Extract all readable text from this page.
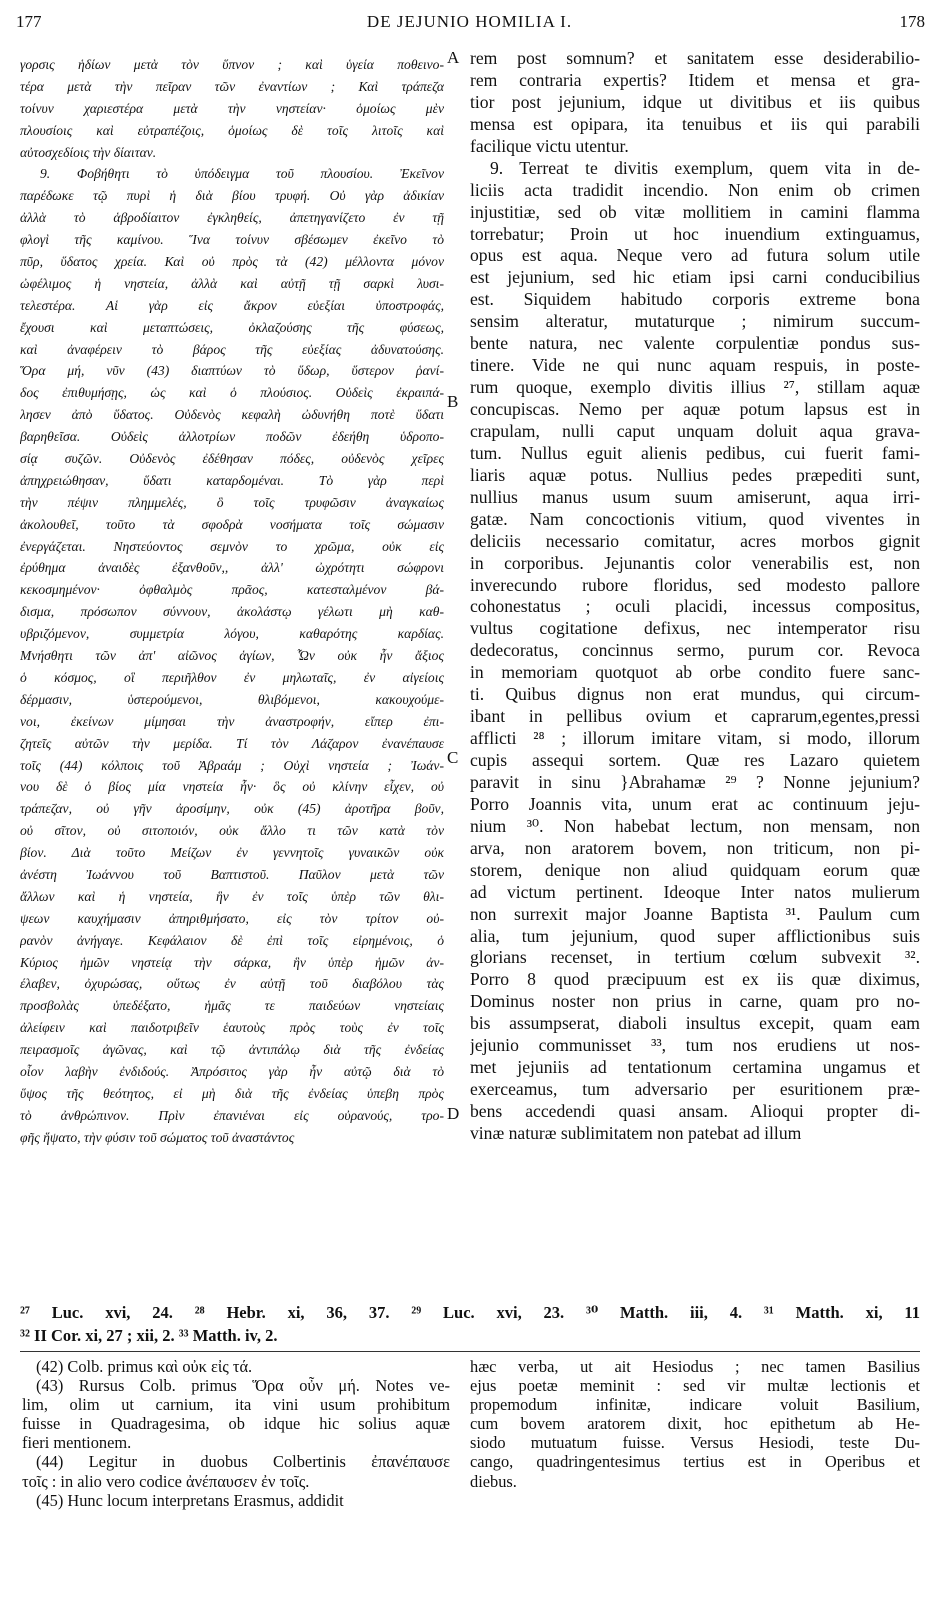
177	DE JEJUNIO HOMILIA I.	178
γορσις ἡδίων μετὰ τὸν ὕπνον ; καὶ ὑγεία ποθεινο-
τέρα μετὰ τὴν πεῖραν τῶν ἐναντίων ; Καὶ τράπεζα
τοίνυν χαριεστέρα μετὰ τὴν νηστείαν· ὁμοίως μὲν
πλουσίοις καὶ εὐτραπέζοις, ὁμοίως δὲ τοῖς λιτοῖς καὶ
αὐτοσχεδίοις τὴν δίαιταν.
9. Φοβήθητι τὸ ὑπόδειγμα τοῦ πλουσίου. Ἐκεῖνον
παρέδωκε τῷ πυρὶ ἡ διὰ βίου τρυφή. Οὐ γὰρ ἀδικίαν
ἀλλὰ τὸ ἁβροδίαιτον ἐγκληθείς, ἀπετηγανίζετο ἐν τῇ
φλογὶ τῆς καμίνου. Ἵνα τοίνυν σβέσωμεν ἐκεῖνο τὸ
πῦρ, ὕδατος χρεία. Καὶ οὐ πρὸς τὰ (42) μέλλοντα μόνον
ὠφέλιμος ἡ νηστεία, ἀλλὰ καὶ αὐτῇ τῇ σαρκὶ λυσι-
τελεστέρα. Αἱ γὰρ εἰς ἄκρον εὐεξίαι ὑποστροφάς,
ἔχουσι καὶ μεταπτώσεις, ὀκλαζούσης τῆς φύσεως,
καὶ ἀναφέρειν τὸ βάρος τῆς εὐεξίας ἀδυνατούσης.
Ὅρα μή, νῦν (43) διαπτύων τὸ ὕδωρ, ὕστερον ῥανί-
δος ἐπιθυμήσῃς, ὡς καὶ ὁ πλούσιος. Οὐδεὶς ἐκραιπά-
λησεν ἀπὸ ὕδατος. Οὐδενὸς κεφαλὴ ὠδυνήθη ποτὲ ὕδατι
βαρηθεῖσα. Οὐδεὶς ἀλλοτρίων ποδῶν ἐδεήθη ὑδροπο-
σίᾳ συζῶν. Οὐδενὸς ἐδέθησαν πόδες, οὐδενὸς χεῖρες
ἀπηχρειώθησαν, ὕδατι καταρδομέναι. Τὸ γὰρ περὶ
τὴν πέψιν πλημμελές, ὃ τοῖς τρυφῶσιν ἀναγκαίως
ἀκολουθεῖ, τοῦτο τὰ σφοδρὰ νοσήματα τοῖς σώμασιν
ἐνεργάζεται. Νηστεύοντος σεμνὸν το χρῶμα, οὐκ εἰς
ἐρύθημα ἀναιδὲς ἐξανθοῦν,, ἀλλ' ὠχρότητι σώφρονι
κεκοσμημένον· ὀφθαλμὸς πρᾶος, κατεσταλμένον βά-
δισμα, πρόσωπον σύννουν, ἀκολάστῳ γέλωτι μὴ καθ-
υβριζόμενον, συμμετρία λόγου, καθαρότης καρδίας.
Μνήσθητι τῶν ἀπ' αἰῶνος ἁγίων, Ὧν οὐκ ἦν ἄξιος
ὁ κόσμος, οἳ περιῆλθον ἐν μηλωταῖς, ἐν αἰγείοις
δέρμασιν, ὑστερούμενοι, θλιβόμενοι, κακουχούμε-
νοι, ἐκείνων μίμησαι τὴν ἀναστροφήν, εἴπερ ἐπι-
ζητεῖς αὐτῶν τὴν μερίδα. Τί τὸν Λάζαρον ἐνανέπαυσε
τοῖς (44) κόλποις τοῦ Ἀβραάμ ; Οὐχὶ νηστεία ; Ἰωάν-
νου δὲ ὁ βίος μία νηστεία ἦν· ὃς οὐ κλίνην εἶχεν, οὐ
τράπεζαν, οὐ γῆν ἀροσίμην, οὐκ (45) ἀροτῆρα βοῦν,
οὐ σῖτον, οὐ σιτοποιόν, οὐκ ἄλλο τι τῶν κατὰ τὸν
βίον. Διὰ τοῦτο Μείζων ἐν γεννητοῖς γυναικῶν οὐκ
ἀνέστη Ἰωάννου τοῦ Βαπτιστοῦ. Παῦλον μετὰ τῶν
ἄλλων καὶ ἡ νηστεία, ἣν ἐν τοῖς ὑπὲρ τῶν θλι-
ψεων καυχήμασιν ἀπηριθμήσατο, εἰς τὸν τρίτον οὐ-
ρανὸν ἀνήγαγε. Κεφάλαιον δὲ ἐπὶ τοῖς εἰρημένοις, ὁ
Κύριος ἡμῶν νηστείᾳ τὴν σάρκα, ἣν ὑπὲρ ἡμῶν ἀν-
έλαβεν, ὀχυρώσας, οὕτως ἐν αὐτῇ τοῦ διαβόλου τὰς
προσβολὰς ὑπεδέξατο, ἡμᾶς τε παιδεύων νηστείαις
ἀλείφειν καὶ παιδοτριβεῖν ἑαυτοὺς πρὸς τοὺς ἐν τοῖς
πειρασμοῖς ἀγῶνας, καὶ τῷ ἀντιπάλῳ διὰ τῆς ἐνδείας
οἷον λαβὴν ἐνδιδούς. Ἀπρόσιτος γὰρ ἦν αὐτῷ διὰ τὸ
ὕψος τῆς θεότητος, εἰ μὴ διὰ τῆς ἐνδείας ὑπεβη πρὸς
τὸ ἀνθρώπινον. Πρὶν ἐπανιέναι εἰς οὐρανούς, τρο-
φῆς ἥψατο, τὴν φύσιν τοῦ σώματος τοῦ ἀναστάντος
rem post somnum? et sanitatem esse desiderabilio-
rem contraria expertis? Itidem et mensa et gra-
tior post jejunium, idque ut divitibus et iis quibus
mensa est opipara, ita tenuibus et iis qui parabili
facilique victu utentur.
9. Terreat te divitis exemplum, quem vita in de-
liciis acta tradidit incendio. Non enim ob crimen
injustitiæ, sed ob vitæ mollitiem in camini flamma
torrebatur; Proin ut hoc inuendium extinguamus,
opus est aqua. Neque vero ad futura solum utile
est jejunium, sed hic etiam ipsi carni conducibilius
est. Siquidem habitudo corporis extreme bona
sensim alteratur, mutaturque ; nimirum succum-
bente natura, nec valente corpulentiæ pondus sus-
tinere. Vide ne qui nunc aquam respuis, in poste-
rum quoque, exemplo divitis illius ²⁷, stillam aquæ
concupiscas. Nemo per aquæ potum lapsus est in
crapulam, nulli caput unquam doluit aqua grava-
tum. Nullus eguit alienis pedibus, cui fuerit fami-
liaris aquæ potus. Nullius pedes præpediti sunt,
nullius manus usum suum amiserunt, aqua irri-
gatæ. Nam concoctionis vitium, quod viventes in
deliciis necessario comitatur, acres morbos gignit
in corporibus. Jejunantis color venerabilis est, non
inverecundo rubore floridus, sed modesto pallore
cohonestatus ; oculi placidi, incessus compositus,
vultus cogitatione defixus, nec intemperator risu
dedecoratus, concinnus sermo, purum cor. Revoca
in memoriam quotquot ab orbe condito fuere sanc-
ti. Quibus dignus non erat mundus, qui circum-
ibant in pellibus ovium et caprarum,egentes,pressi
afflicti ²⁸ ; illorum imitare vitam, si modo, illorum
cupis assequi sortem. Quæ res Lazaro quietem
paravit in sinu }Abrahamæ ²⁹ ? Nonne jejunium?
Porro Joannis vita, unum erat ac continuum jeju-
nium ³⁰. Non habebat lectum, non mensam, non
arva, non aratorem bovem, non triticum, non pi-
storem, denique non aliud quidquam eorum quæ
ad victum pertinent. Ideoque Inter natos mulierum
non surrexit major Joanne Baptista ³¹. Paulum cum
alia, tum jejunium, quod super afflictionibus suis
glorians recenset, in tertium cœlum subvexit ³².
Porro 8 quod præcipuum est ex iis quæ diximus,
Dominus noster non prius in carne, quam pro no-
bis assumpserat, diaboli insultus excepit, quam eam
jejunio communisset ³³, tum nos erudiens ut nos-
met jejuniis ad tentationum certamina ungamus et
exerceamus, tum adversario per esuritionem præ-
bens accedendi quasi ansam. Alioqui propter di-
vinæ naturæ sublimitatem non patebat ad illum
A
B
C
D
²⁷ Luc. xvi, 24. ²⁸ Hebr. xi, 36, 37. ²⁹ Luc. xvi, 23. ³⁰ Matth. iii, 4. ³¹ Matth. xi, 11
³² II Cor. xi, 27 ; xii, 2. ³³ Matth. iv, 2.
(42) Colb. primus καὶ οὐκ εἰς τά.
(43) Rursus Colb. primus Ὅρα οὖν μή. Notes ve-
lim, olim ut carnium, ita vini usum prohibitum
fuisse in Quadragesima, ob idque hic solius aquæ
fieri mentionem.
(44) Legitur in duobus Colbertinis ἐπανέπαυσε
τοῖς : in alio vero codice ἀνέπαυσεν ἐν τοῖς.
(45) Hunc locum interpretans Erasmus, addidit
hæc verba, ut ait Hesiodus ; nec tamen Basilius
ejus poetæ meminit : sed vir multæ lectionis et
propemodum infinitæ, indicare voluit Basilium,
cum bovem aratorem dixit, hoc epithetum ab He-
siodo mutuatum fuisse. Versus Hesiodi, teste Du-
cango, quadringentesimus tertius est in Operibus et
diebus.
